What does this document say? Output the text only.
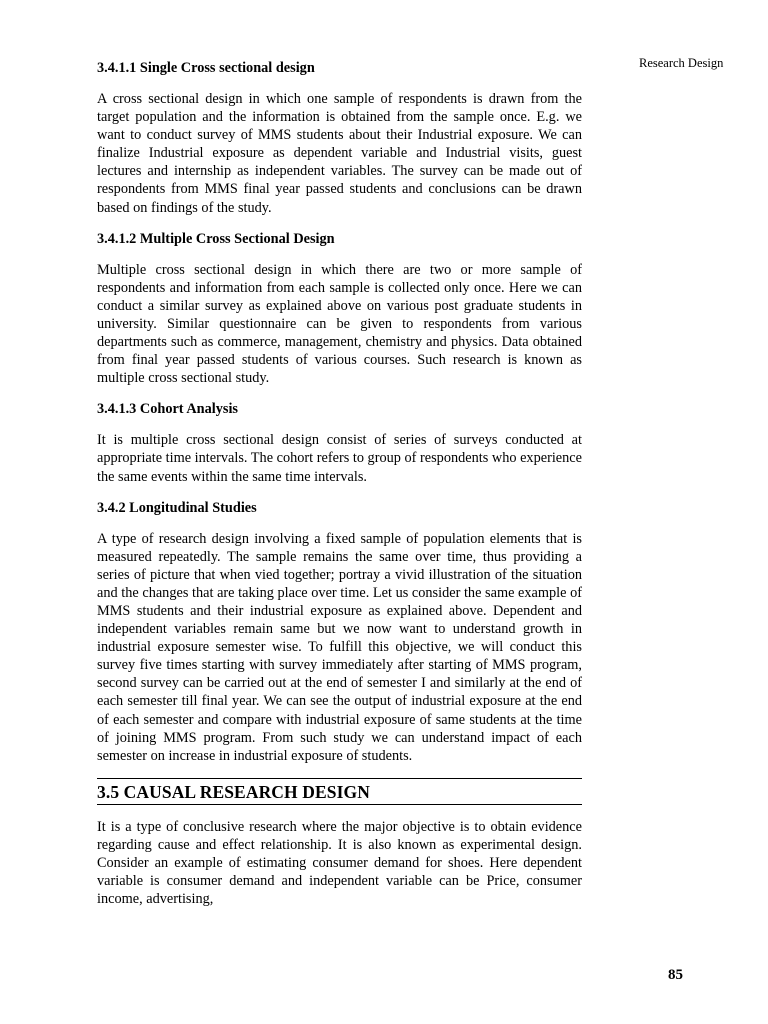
Research Design
3.4.1.1 Single Cross sectional design

A cross sectional design in which one sample of respondents is drawn from the target population and the information is obtained from the sample once. E.g. we want to conduct survey of MMS students about their Industrial exposure. We can finalize Industrial exposure as dependent variable and Industrial visits, guest lectures and internship as independent variables. The survey can be made out of respondents from MMS final year passed students and conclusions can be drawn based on findings of the study.

3.4.1.2 Multiple Cross Sectional Design

Multiple cross sectional design in which there are two or more sample of respondents and information from each sample is collected only once. Here we can conduct a similar survey as explained above on various post graduate students in university. Similar questionnaire can be given to respondents from various departments such as commerce, management, chemistry and physics. Data obtained from final year passed students of various courses. Such research is known as multiple cross sectional study.

3.4.1.3 Cohort Analysis

It is multiple cross sectional design consist of series of surveys conducted at appropriate time intervals. The cohort refers to group of respondents who experience the same events within the same time intervals.

3.4.2 Longitudinal Studies

A type of research design involving a fixed sample of population elements that is measured repeatedly. The sample remains the same over time, thus providing a series of picture that when vied together; portray a vivid illustration of the situation and the changes that are taking place over time. Let us consider the same example of MMS students and their industrial exposure as explained above. Dependent and independent variables remain same but we now want to understand growth in industrial exposure semester wise. To fulfill this objective, we will conduct this survey five times starting with survey immediately after starting of MMS program, second survey can be carried out at the end of semester I and similarly at the end of each semester till final year. We can see the output of industrial exposure at the end of each semester and compare with industrial exposure of same students at the time of joining MMS program. From such study we can understand impact of each semester on increase in industrial exposure of students.

3.5 CAUSAL RESEARCH DESIGN

It is a type of conclusive research where the major objective is to obtain evidence regarding cause and effect relationship. It is also known as experimental design. Consider an example of estimating consumer demand for shoes. Here dependent variable is consumer demand and independent variable can be Price, consumer income, advertising,

85
